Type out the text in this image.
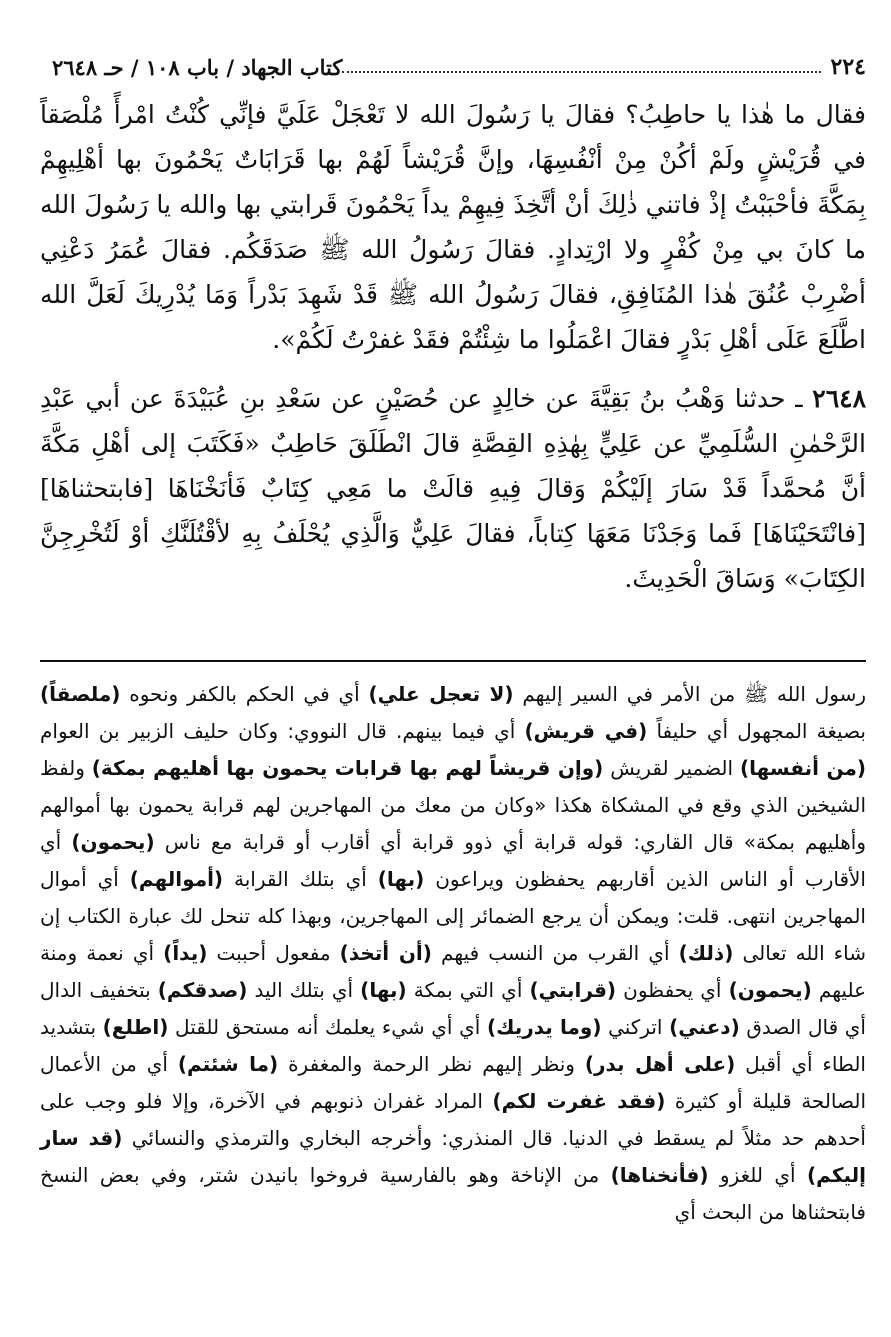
٢٢٤
كتاب الجهاد / باب ١٠٨ / حـ ٢٦٤٨

فقال ما هٰذا يا حاطِبُ؟ فقالَ يا رَسُولَ الله لا تَعْجَلْ عَلَيَّ فإنِّي كُنْتُ امْرأً مُلْصَقاً في قُرَيْشٍ ولَمْ أكُنْ مِنْ أنْفُسِهَا، وإنَّ قُرَيْشاً لَهُمْ بها قَرَابَاتٌ يَحْمُونَ بها أهْلِيهِمْ بِمَكَّةَ فأحْبَبْتُ إذْ فاتني ذٰلِكَ أنْ أتَّخِذَ فِيهِمْ يداً يَحْمُونَ قَرابتي بها والله يا رَسُولَ الله ما كانَ بي مِنْ كُفْرٍ ولا ارْتِدادٍ. فقالَ رَسُولُ الله ﷺ صَدَقَكُم. فقالَ عُمَرُ دَعْنِي أضْرِبْ عُنُقَ هٰذا المُنَافِقِ، فقالَ رَسُولُ الله ﷺ قَدْ شَهِدَ بَدْراً وَمَا يُدْرِيكَ لَعَلَّ الله اطَّلَعَ عَلَى أهْلِ بَدْرٍ فقالَ اعْمَلُوا ما شِئْتُمْ فقَدْ غفرْتُ لَكُمْ».

٢٦٤٨ ـ حدثنا وَهْبُ بنُ بَقِيَّةَ عن خالِدٍ عن حُصَيْنٍ عن سَعْدِ بنِ عُبَيْدَةَ عن أبي عَبْدِ الرَّحْمٰنِ السُّلَمِيِّ عن عَلِيٍّ بِهٰذِهِ القِصَّةِ قالَ انْطَلَقَ حَاطِبٌ «فَكَتَبَ إلى أهْلِ مَكَّةَ أنَّ مُحمَّداً قَدْ سَارَ إلَيْكُمْ وَقالَ فِيهِ قالَتْ ما مَعِي كِتَابٌ فَأنَخْنَاهَا [فابتحثناهَا] [فانْتَحَيْنَاهَا] فَما وَجَدْنَا مَعَهَا كِتاباً، فقالَ عَلِيٌّ وَالَّذِي يُحْلَفُ بِهِ لأقْتُلَنَّكِ أوْ لَتُخْرِجِنَّ الكِتَابَ» وَسَاقَ الْحَدِيثَ.

رسول الله ﷺ من الأمر في السير إليهم (لا تعجل علي) أي في الحكم بالكفر ونحوه (ملصقاً) بصيغة المجهول أي حليفاً (في قريش) أي فيما بينهم. قال النووي: وكان حليف الزبير بن العوام (من أنفسها) الضمير لقريش (وإن قريشاً لهم بها قرابات يحمون بها أهليهم بمكة) ولفظ الشيخين الذي وقع في المشكاة هكذا «وكان من معك من المهاجرين لهم قرابة يحمون بها أموالهم وأهليهم بمكة» قال القاري: قوله قرابة أي ذوو قرابة أي أقارب أو قرابة مع ناس (يحمون) أي الأقارب أو الناس الذين أقاربهم يحفظون ويراعون (بها) أي بتلك القرابة (أموالهم) أي أموال المهاجرين انتهى. قلت: ويمكن أن يرجع الضمائر إلى المهاجرين، وبهذا كله تنحل لك عبارة الكتاب إن شاء الله تعالى (ذلك) أي القرب من النسب فيهم (أن أتخذ) مفعول أحببت (يداً) أي نعمة ومنة عليهم (يحمون) أي يحفظون (قرابتي) أي التي بمكة (بها) أي بتلك اليد (صدقكم) بتخفيف الدال أي قال الصدق (دعني) اتركني (وما يدريك) أي أي شيء يعلمك أنه مستحق للقتل (اطلع) بتشديد الطاء أي أقبل (على أهل بدر) ونظر إليهم نظر الرحمة والمغفرة (ما شئتم) أي من الأعمال الصالحة قليلة أو كثيرة (فقد غفرت لكم) المراد غفران ذنوبهم في الآخرة، وإلا فلو وجب على أحدهم حد مثلاً لم يسقط في الدنيا. قال المنذري: وأخرجه البخاري والترمذي والنسائي (قد سار إليكم) أي للغزو (فأنخناها) من الإناخة وهو بالفارسية فروخوا بانيدن شتر، وفي بعض النسخ فابتحثناها من البحث أي
